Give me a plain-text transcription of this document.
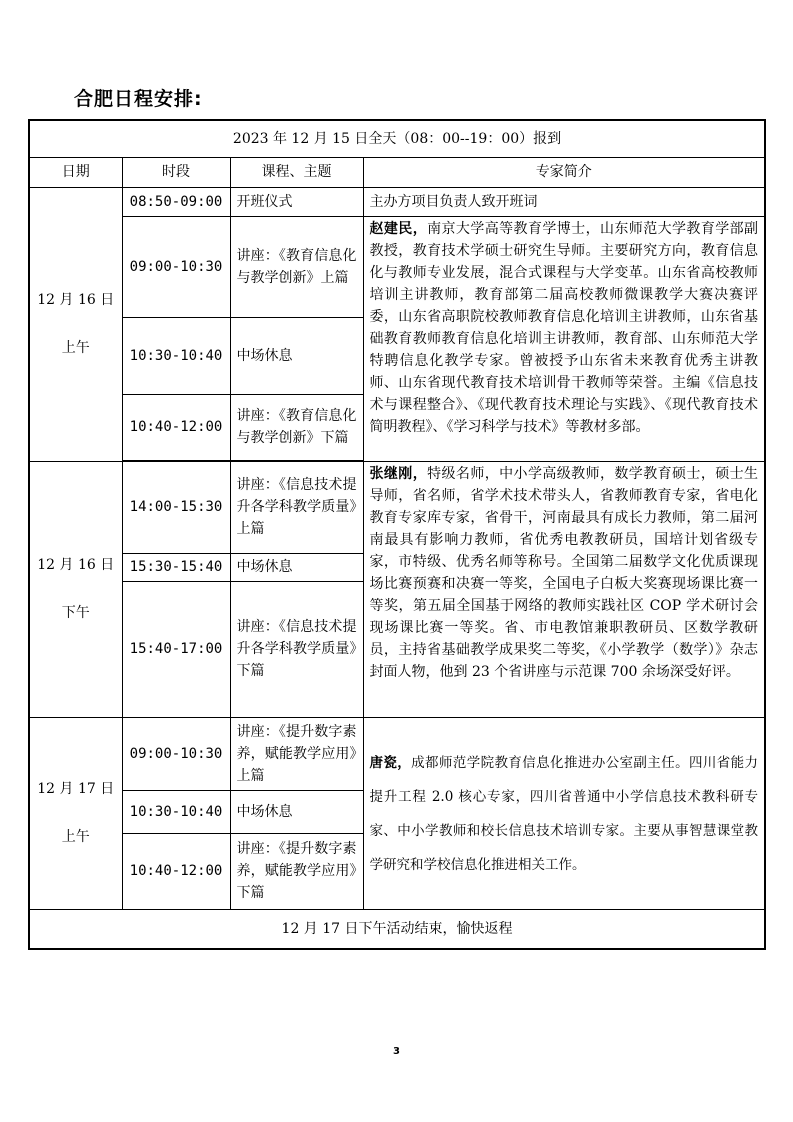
合肥日程安排:
2023 年 12 月 15 日全天（08：00--19：00）报到			
日期	时段	课程、主题	专家简介

12 月 16 日
上午	08:50-09:00	开班仪式	主办方项目负责人致开班词
	09:00-10:30	讲座：《教育信息化与教学创新》上篇	赵建民，南京大学高等教育学博士，山东师范大学教育学部副教授，教育技术学硕士研究生导师。主要研究方向，教育信息化与教师专业发展，混合式课程与大学变革。山东省高校教师培训主讲教师，教育部第二届高校教师微课教学大赛决赛评委，山东省高职院校教师教育信息化培训主讲教师，山东省基础教育教师教育信息化培训主讲教师，教育部、山东师范大学特聘信息化教学专家。曾被授予山东省未来教育优秀主讲教师、山东省现代教育技术培训骨干教师等荣誉。主编《信息技术与课程整合》、《现代教育技术理论与实践》、《现代教育技术简明教程》、《学习科学与技术》等教材多部。
	10:30-10:40	中场休息	
	10:40-12:00	讲座：《教育信息化与教学创新》下篇	

12 月 16 日
下午	14:00-15:30	讲座：《信息技术提升各学科教学质量》上篇	张继刚，特级名师，中小学高级教师，数学教育硕士，硕士生导师，省名师，省学术技术带头人，省教师教育专家，省电化教育专家库专家，省骨干，河南最具有成长力教师，第二届河南最具有影响力教师，省优秀电教教研员，国培计划省级专家，市特级、优秀名师等称号。全国第二届数学文化优质课现场比赛预赛和决赛一等奖，全国电子白板大奖赛现场课比赛一等奖，第五届全国基于网络的教师实践社区 COP 学术研讨会现场课比赛一等奖。省、市电教馆兼职教研员、区数学教研员，主持省基础教学成果奖二等奖，《小学教学（数学）》杂志封面人物，他到 23 个省讲座与示范课 700 余场深受好评。
	15:30-15:40	中场休息	
	15:40-17:00	讲座：《信息技术提升各学科教学质量》下篇	

12 月 17 日
上午	09:00-10:30	讲座：《提升数字素养，赋能教学应用》上篇	唐瓷，成都师范学院教育信息化推进办公室副主任。四川省能力提升工程 2.0 核心专家，四川省普通中小学信息技术教科研专家、中小学教师和校长信息技术培训专家。主要从事智慧课堂教学研究和学校信息化推进相关工作。
	10:30-10:40	中场休息	
	10:40-12:00	讲座：《提升数字素养，赋能教学应用》下篇	
12 月 17 日下午活动结束，愉快返程			
3
